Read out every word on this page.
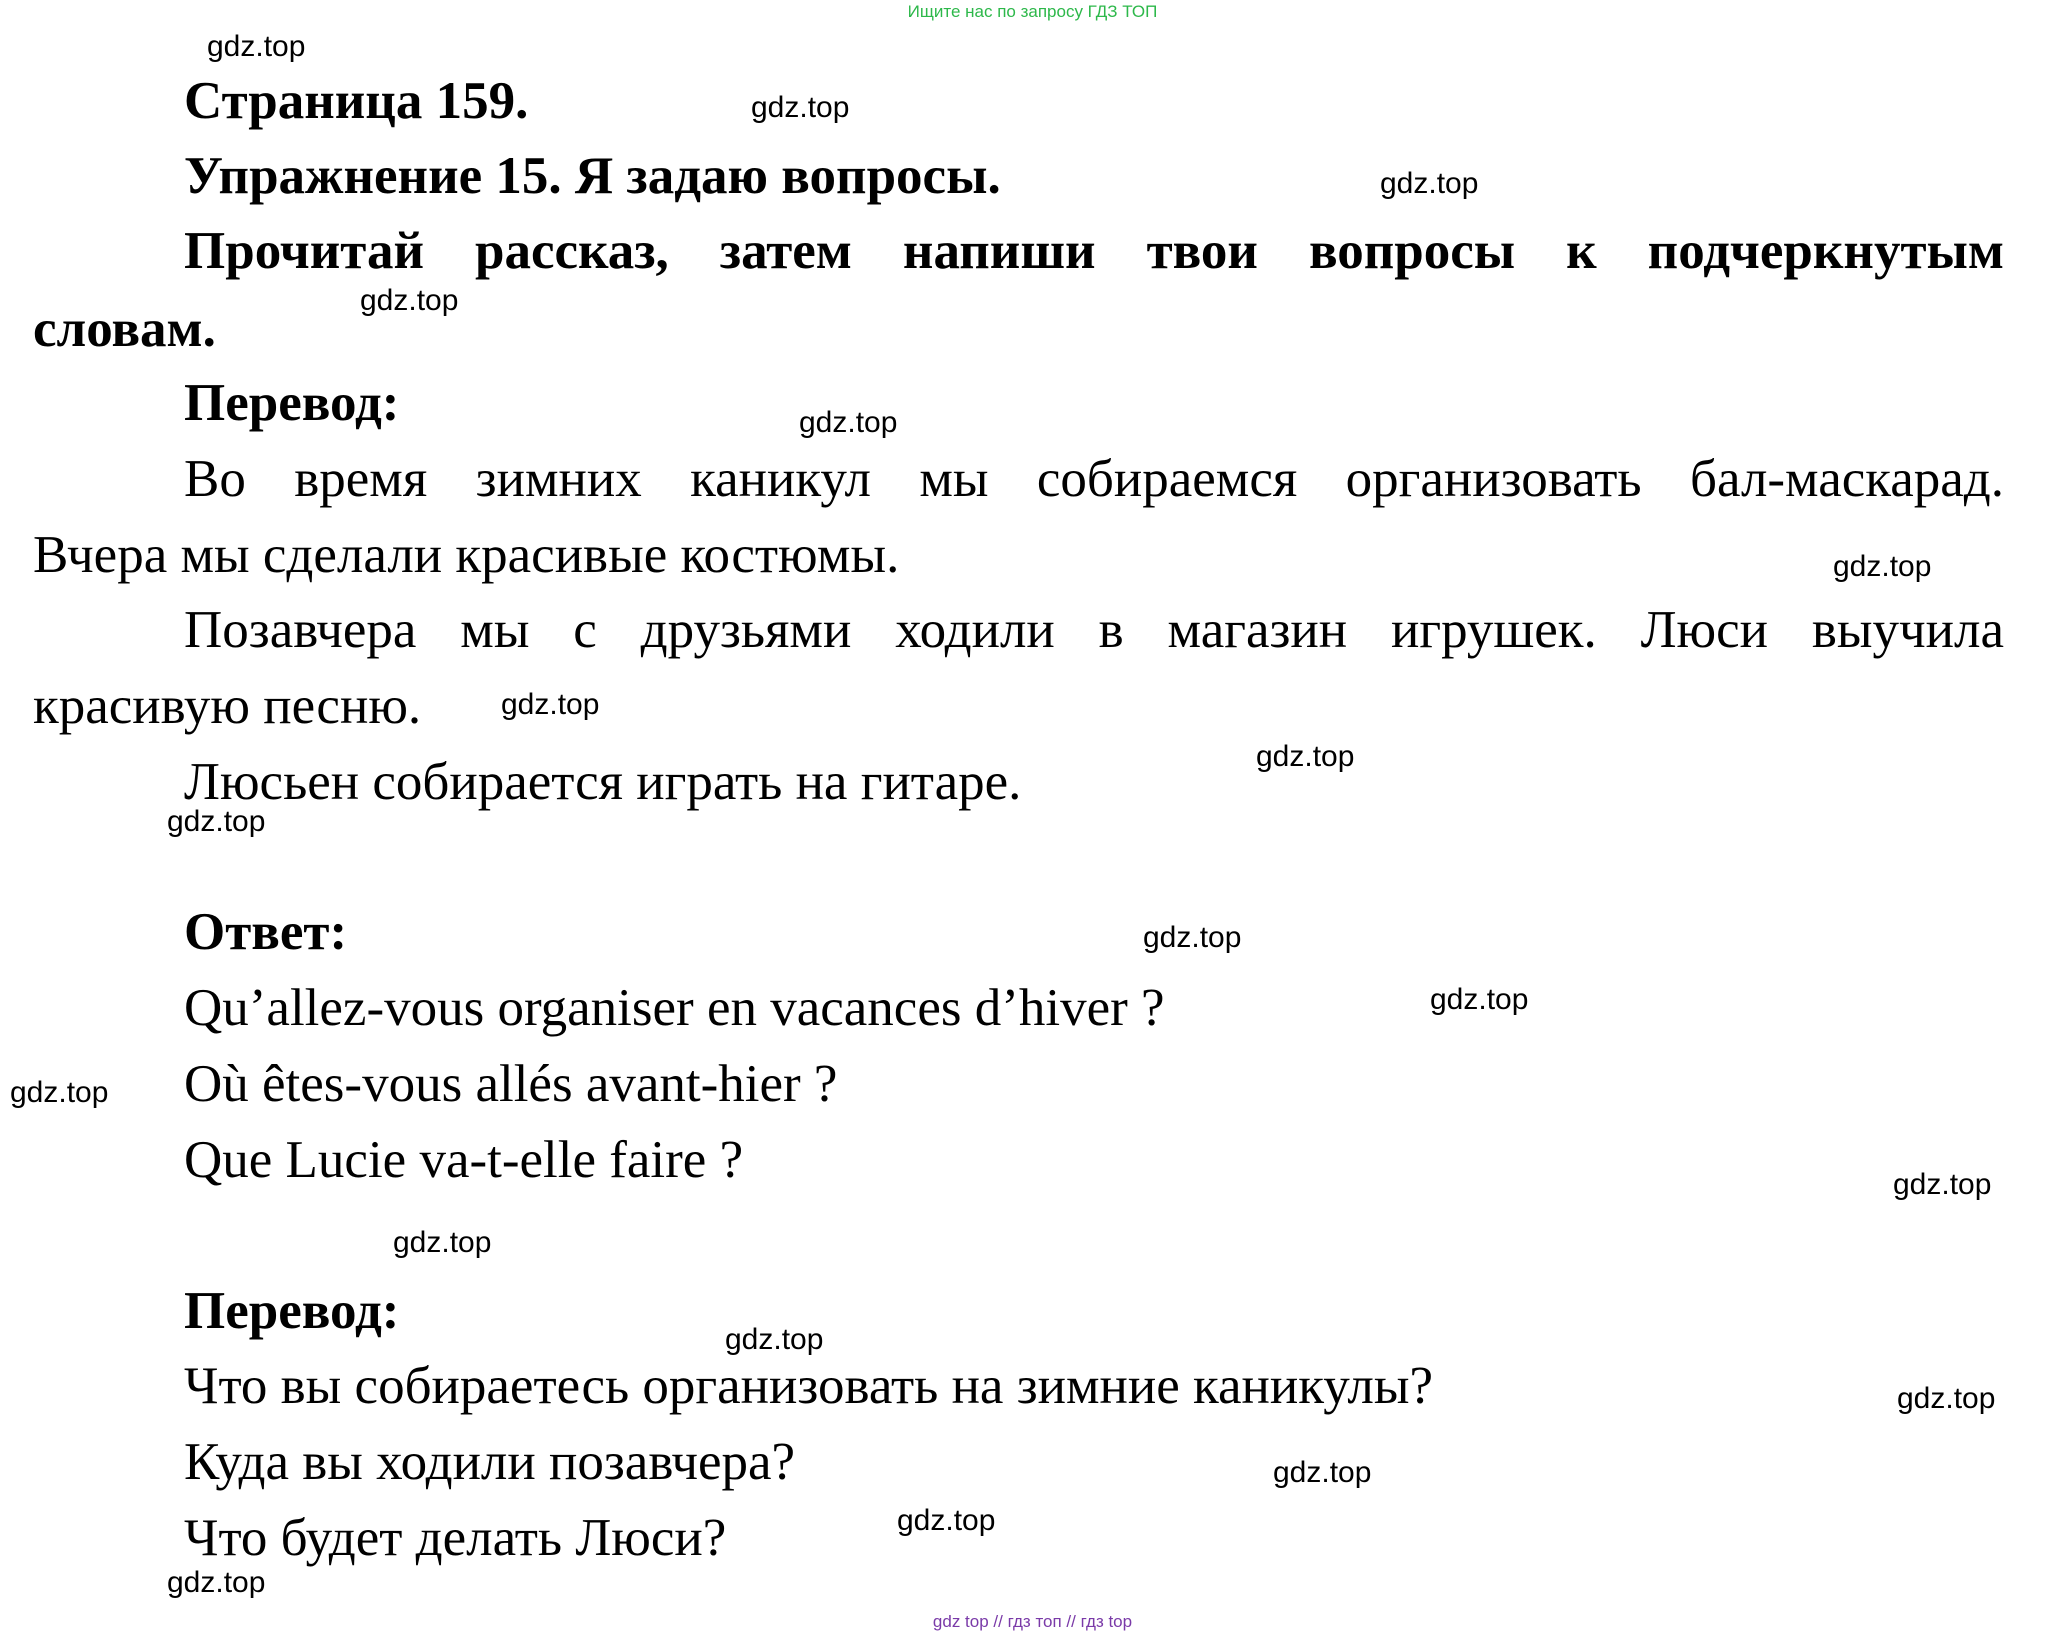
Ищите нас по запросу ГДЗ ТОП
Страница 159.
Упражнение 15. Я задаю вопросы.
Прочитай рассказ, затем напиши твои вопросы к подчеркнутым
словам.
Перевод:
Во время зимних каникул мы собираемся организовать бал-маскарад.
Вчера мы сделали красивые костюмы.
Позавчера мы с друзьями ходили в магазин игрушек. Люси выучила
красивую песню.
Люсьен собирается играть на гитаре.
Ответ:
Qu’allez-vous organiser en vacances d’hiver ?
Où êtes-vous allés avant-hier ?
Que Lucie va-t-elle faire ?
Перевод:
Что вы собираетесь организовать на зимние каникулы?
Куда вы ходили позавчера?
Что будет делать Люси?
gdz.top
gdz.top
gdz.top
gdz.top
gdz.top
gdz.top
gdz.top
gdz.top
gdz.top
gdz.top
gdz.top
gdz.top
gdz.top
gdz.top
gdz.top
gdz.top
gdz.top
gdz.top
gdz.top
gdz top // гдз топ // гдз top
